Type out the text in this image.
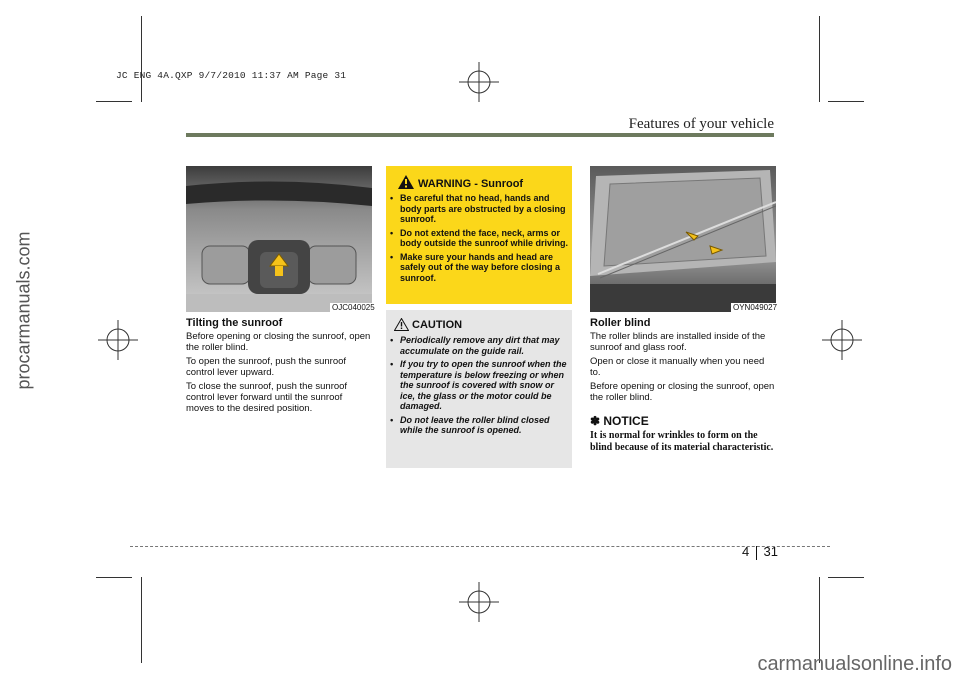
JC ENG 4A.QXP 9/7/2010 11:37 AM Page 31
procarmanuals.com
carmanualsonline.info
Features of your vehicle
OJC040025

Tilting the sunroof

Before opening or closing the sunroof, open the roller blind.

To open the sunroof, push the sunroof control lever upward.

To close the sunroof, push the sunroof control lever forward until the sunroof moves to the desired position.

WARNING - Sunroof
• Be careful that no head, hands and body parts are obstructed by a closing sunroof.
• Do not extend the face, neck, arms or body outside the sunroof while driving.
• Make sure your hands and head are safely out of the way before closing a sunroof.
CAUTION
• Periodically remove any dirt that may accumulate on the guide rail.
• If you try to open the sunroof when the temperature is below freezing or when the sunroof is covered with snow or ice, the glass or the motor could be damaged.
• Do not leave the roller blind closed while the sunroof is opened.
OYN049027

Roller blind

The roller blinds are installed inside of the sunroof and glass roof.

Open or close it manually when you need to.

Before opening or closing the sunroof, open the roller blind.

✽ NOTICE
It is normal for wrinkles to form on the blind because of its material characteristic.
4 31
